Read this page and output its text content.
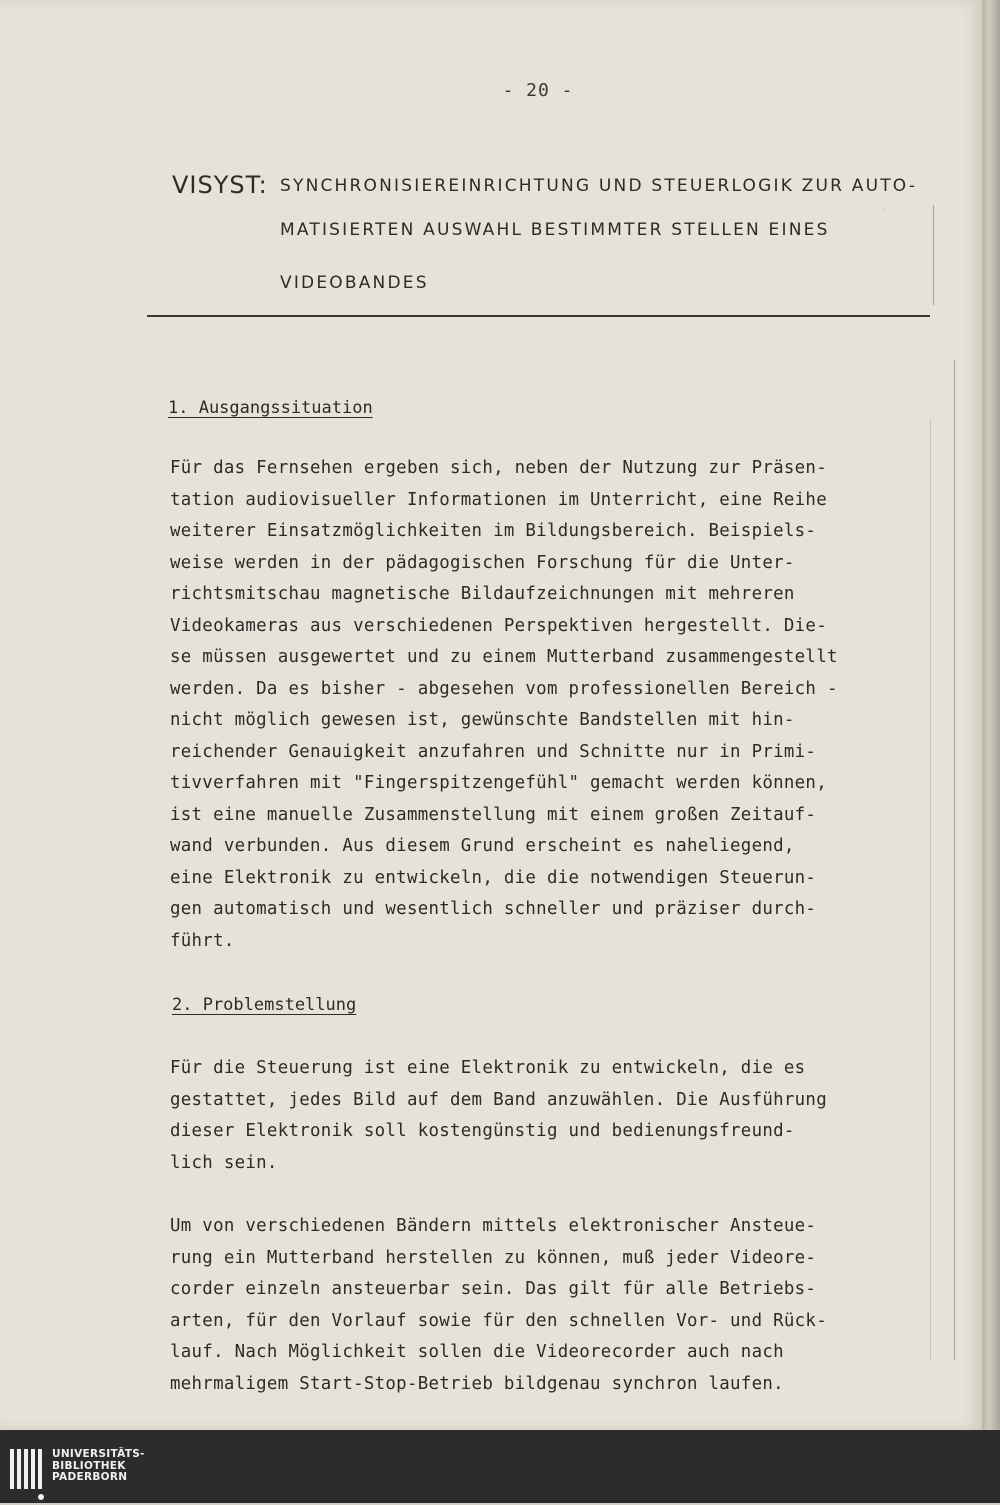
·
- 20 -
VISYST: SYNCHRONISIEREINRICHTUNG UND STEUERLOGIK ZUR AUTO-
MATISIERTEN AUSWAHL BESTIMMTER STELLEN EINES
VIDEOBANDES
1. Ausgangssituation
Für das Fernsehen ergeben sich, neben der Nutzung zur Präsen-
tation audiovisueller Informationen im Unterricht, eine Reihe
weiterer Einsatzmöglichkeiten im Bildungsbereich. Beispiels-
weise werden in der pädagogischen Forschung für die Unter-
richtsmitschau magnetische Bildaufzeichnungen mit mehreren
Videokameras aus verschiedenen Perspektiven hergestellt. Die-
se müssen ausgewertet und zu einem Mutterband zusammengestellt
werden. Da es bisher - abgesehen vom professionellen Bereich -
nicht möglich gewesen ist, gewünschte Bandstellen mit hin-
reichender Genauigkeit anzufahren und Schnitte nur in Primi-
tivverfahren mit "Fingerspitzengefühl" gemacht werden können,
ist eine manuelle Zusammenstellung mit einem großen Zeitauf-
wand verbunden. Aus diesem Grund erscheint es naheliegend,
eine Elektronik zu entwickeln, die die notwendigen Steuerun-
gen automatisch und wesentlich schneller und präziser durch-
führt.
2. Problemstellung
Für die Steuerung ist eine Elektronik zu entwickeln, die es
gestattet, jedes Bild auf dem Band anzuwählen. Die Ausführung
dieser Elektronik soll kostengünstig und bedienungsfreund-
lich sein.
Um von verschiedenen Bändern mittels elektronischer Ansteue-
rung ein Mutterband herstellen zu können, muß jeder Videore-
corder einzeln ansteuerbar sein. Das gilt für alle Betriebs-
arten, für den Vorlauf sowie für den schnellen Vor- und Rück-
lauf. Nach Möglichkeit sollen die Videorecorder auch nach
mehrmaligem Start-Stop-Betrieb bildgenau synchron laufen.
UNIVERSITÄTS-
BIBLIOTHEK
PADERBORN
